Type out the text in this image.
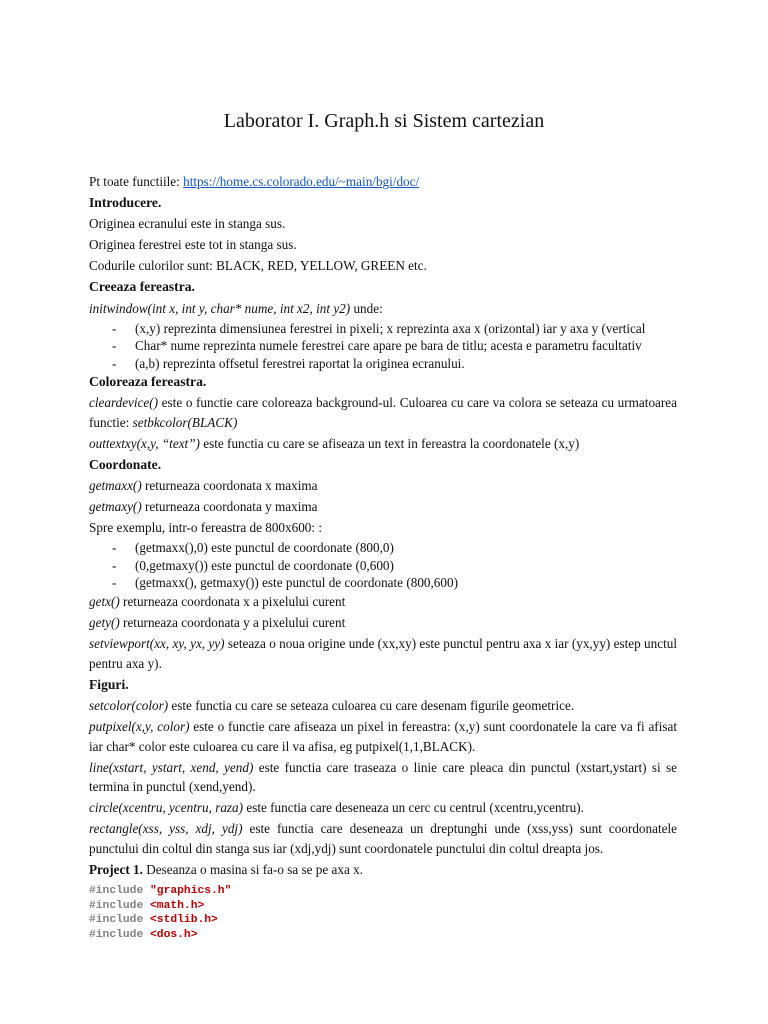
Laborator I. Graph.h si Sistem cartezian
Pt toate functiile: https://home.cs.colorado.edu/~main/bgi/doc/
Introducere.
Originea ecranului este in stanga sus.
Originea ferestrei este tot in stanga sus.
Codurile culorilor sunt: BLACK, RED, YELLOW, GREEN etc.
Creeaza fereastra.
initwindow(int x, int y, char* nume, int x2, int y2) unde:
- (x,y) reprezinta dimensiunea ferestrei in pixeli; x reprezinta axa x (orizontal) iar y axa y (vertical
- Char* nume reprezinta numele ferestrei care apare pe bara de titlu; acesta e parametru facultativ
- (a,b) reprezinta offsetul ferestrei raportat la originea ecranului.
Coloreaza fereastra.
cleardevice() este o functie care coloreaza background-ul. Culoarea cu care va colora se seteaza cu urmatoarea functie: setbkcolor(BLACK)
outtextxy(x,y, “text”) este functia cu care se afiseaza un text in fereastra la coordonatele (x,y)
Coordonate.
getmaxx() returneaza coordonata x maxima
getmaxy() returneaza coordonata y maxima
Spre exemplu, intr-o fereastra de 800x600: :
- (getmaxx(),0) este punctul de coordonate (800,0)
- (0,getmaxy()) este punctul de coordonate (0,600)
- (getmaxx(), getmaxy()) este punctul de coordonate (800,600)
getx() returneaza coordonata x a pixelului curent
gety() returneaza coordonata y a pixelului curent
setviewport(xx, xy, yx, yy) seteaza o noua origine unde (xx,xy) este punctul pentru axa x iar (yx,yy) estep unctul pentru axa y).
Figuri.
setcolor(color) este functia cu care se seteaza culoarea cu care desenam figurile geometrice.
putpixel(x,y, color) este o functie care afiseaza un pixel in fereastra: (x,y) sunt coordonatele la care va fi afisat iar char* color este culoarea cu care il va afisa, eg putpixel(1,1,BLACK).
line(xstart, ystart, xend, yend) este functia care traseaza o linie care pleaca din punctul (xstart,ystart) si se termina in punctul (xend,yend).
circle(xcentru, ycentru, raza) este functia care deseneaza un cerc cu centrul (xcentru,ycentru).
rectangle(xss, yss, xdj, ydj) este functia care deseneaza un dreptunghi unde (xss,yss) sunt coordonatele punctului din coltul din stanga sus iar (xdj,ydj) sunt coordonatele punctului din coltul dreapta jos.
Project 1. Deseanza o masina si fa-o sa se pe axa x.
#include "graphics.h"
#include <math.h>
#include <stdlib.h>
#include <dos.h>
